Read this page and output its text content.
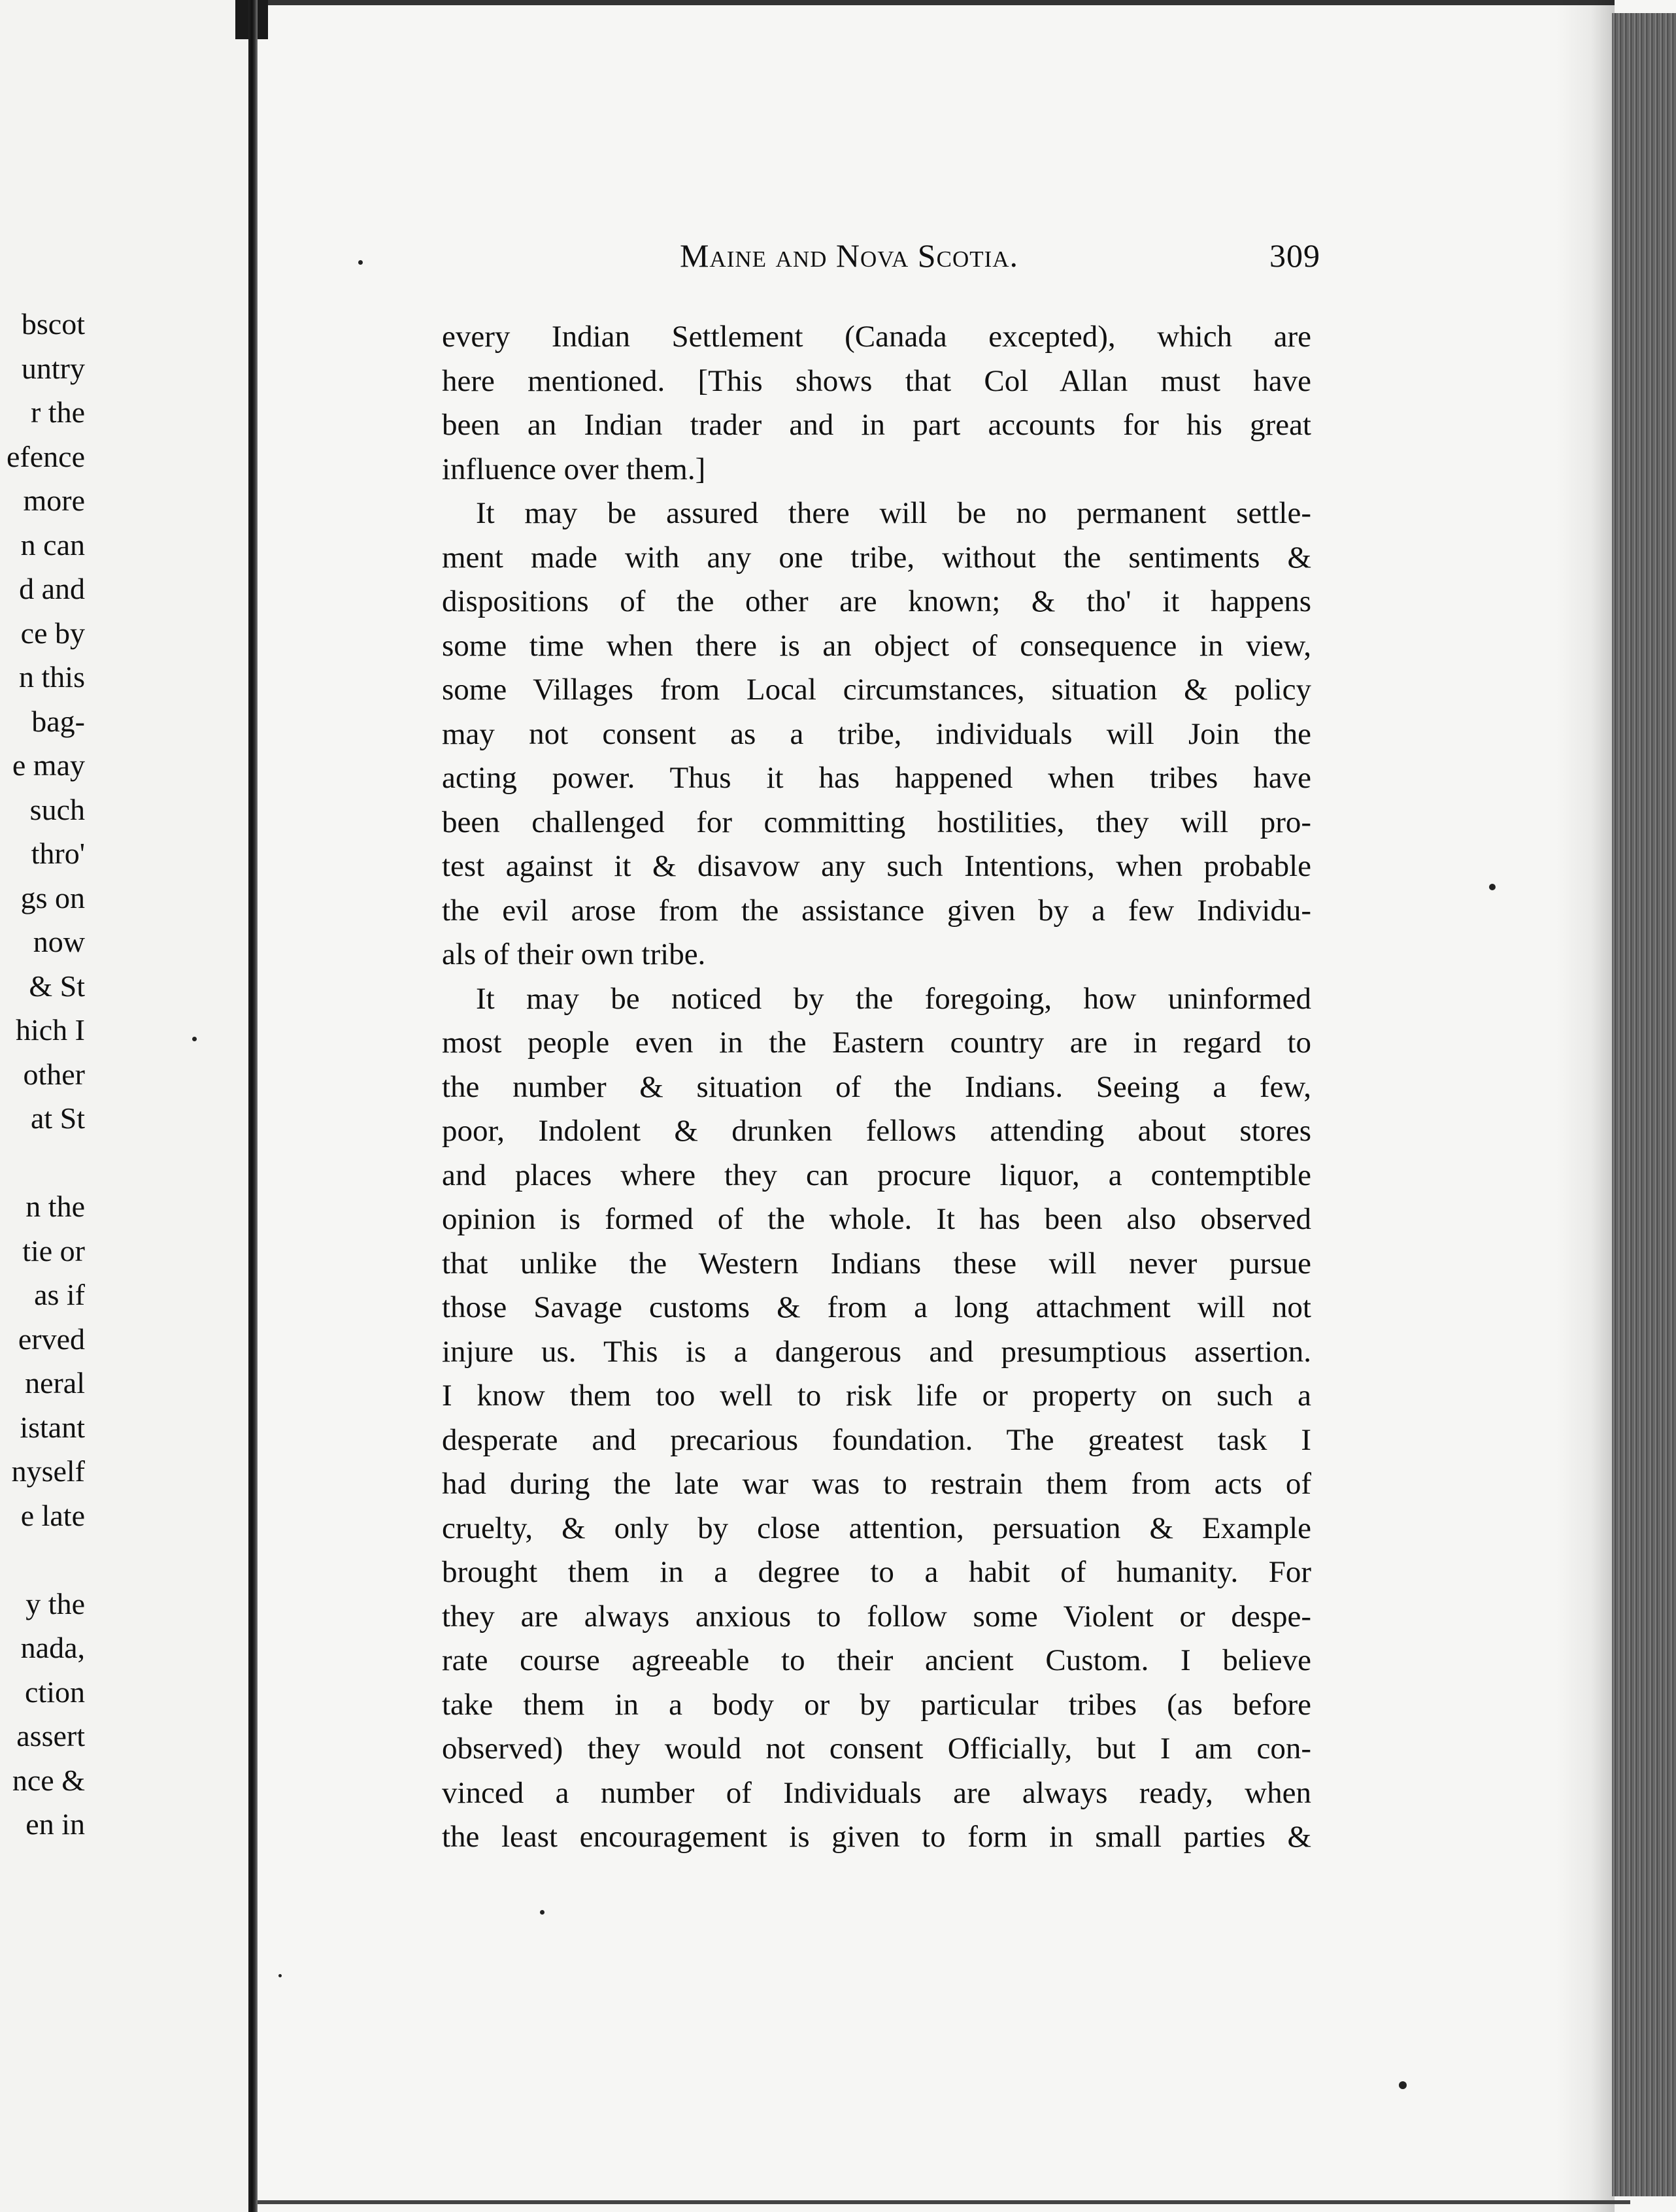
bscot
untry
r the
efence
more
n can
d and
ce by
n this
bag-
e may
such
thro'
gs on
now
& St
hich I
other
at St
n the
tie or
as if
erved
neral
istant
nyself
e late
y the
nada,
ction
assert
nce &
en in
Maine and Nova Scotia.	309
every Indian Settlement (Canada excepted), which are
here mentioned. [This shows that Col Allan must have
been an Indian trader and in part accounts for his great
influence over them.]
It may be assured there will be no permanent settle-
ment made with any one tribe, without the sentiments &
dispositions of the other are known; & tho' it happens
some time when there is an object of consequence in view,
some Villages from Local circumstances, situation & policy
may not consent as a tribe, individuals will Join the
acting power. Thus it has happened when tribes have
been challenged for committing hostilities, they will pro-
test against it & disavow any such Intentions, when probable
the evil arose from the assistance given by a few Individu-
als of their own tribe.
It may be noticed by the foregoing, how uninformed
most people even in the Eastern country are in regard to
the number & situation of the Indians. Seeing a few,
poor, Indolent & drunken fellows attending about stores
and places where they can procure liquor, a contemptible
opinion is formed of the whole. It has been also observed
that unlike the Western Indians these will never pursue
those Savage customs & from a long attachment will not
injure us. This is a dangerous and presumptious assertion.
I know them too well to risk life or property on such a
desperate and precarious foundation. The greatest task I
had during the late war was to restrain them from acts of
cruelty, & only by close attention, persuation & Example
brought them in a degree to a habit of humanity. For
they are always anxious to follow some Violent or despe-
rate course agreeable to their ancient Custom. I believe
take them in a body or by particular tribes (as before
observed) they would not consent Officially, but I am con-
vinced a number of Individuals are always ready, when
the least encouragement is given to form in small parties &
